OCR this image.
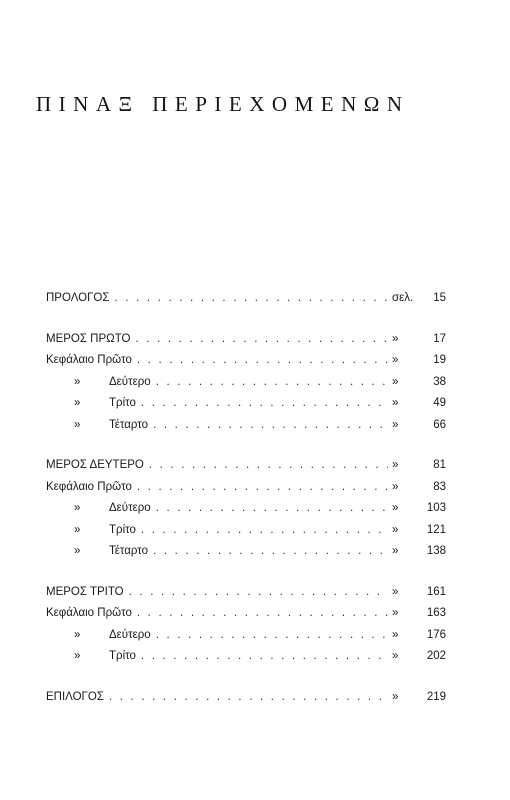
ΠΙΝΑΞ ΠΕΡΙΕΧΟΜΕΝΩΝ
ΠΡΟΛΟΓΟΣ . . .	σελ.	15
ΜΕΡΟΣ ΠΡΩΤΟ . . .	»	17
Κεφάλαιο Πρῶτο . . .	»	19
»	Δεύτερο . . .	»	38
»	Τρίτο . . .	»	49
»	Τέταρτο . . .	»	66
ΜΕΡΟΣ ΔΕΥΤΕΡΟ . . .	»	81
Κεφάλαιο Πρῶτο . . .	»	83
»	Δεύτερο . . .	»	103
»	Τρίτο . . .	»	121
»	Τέταρτο . . .	»	138
ΜΕΡΟΣ ΤΡΙΤΟ . . .	»	161
Κεφάλαιο Πρῶτο . . .	»	163
»	Δεύτερο . . .	»	176
»	Τρίτο . . .	»	202
ΕΠΙΛΟΓΟΣ . . .	»	219
